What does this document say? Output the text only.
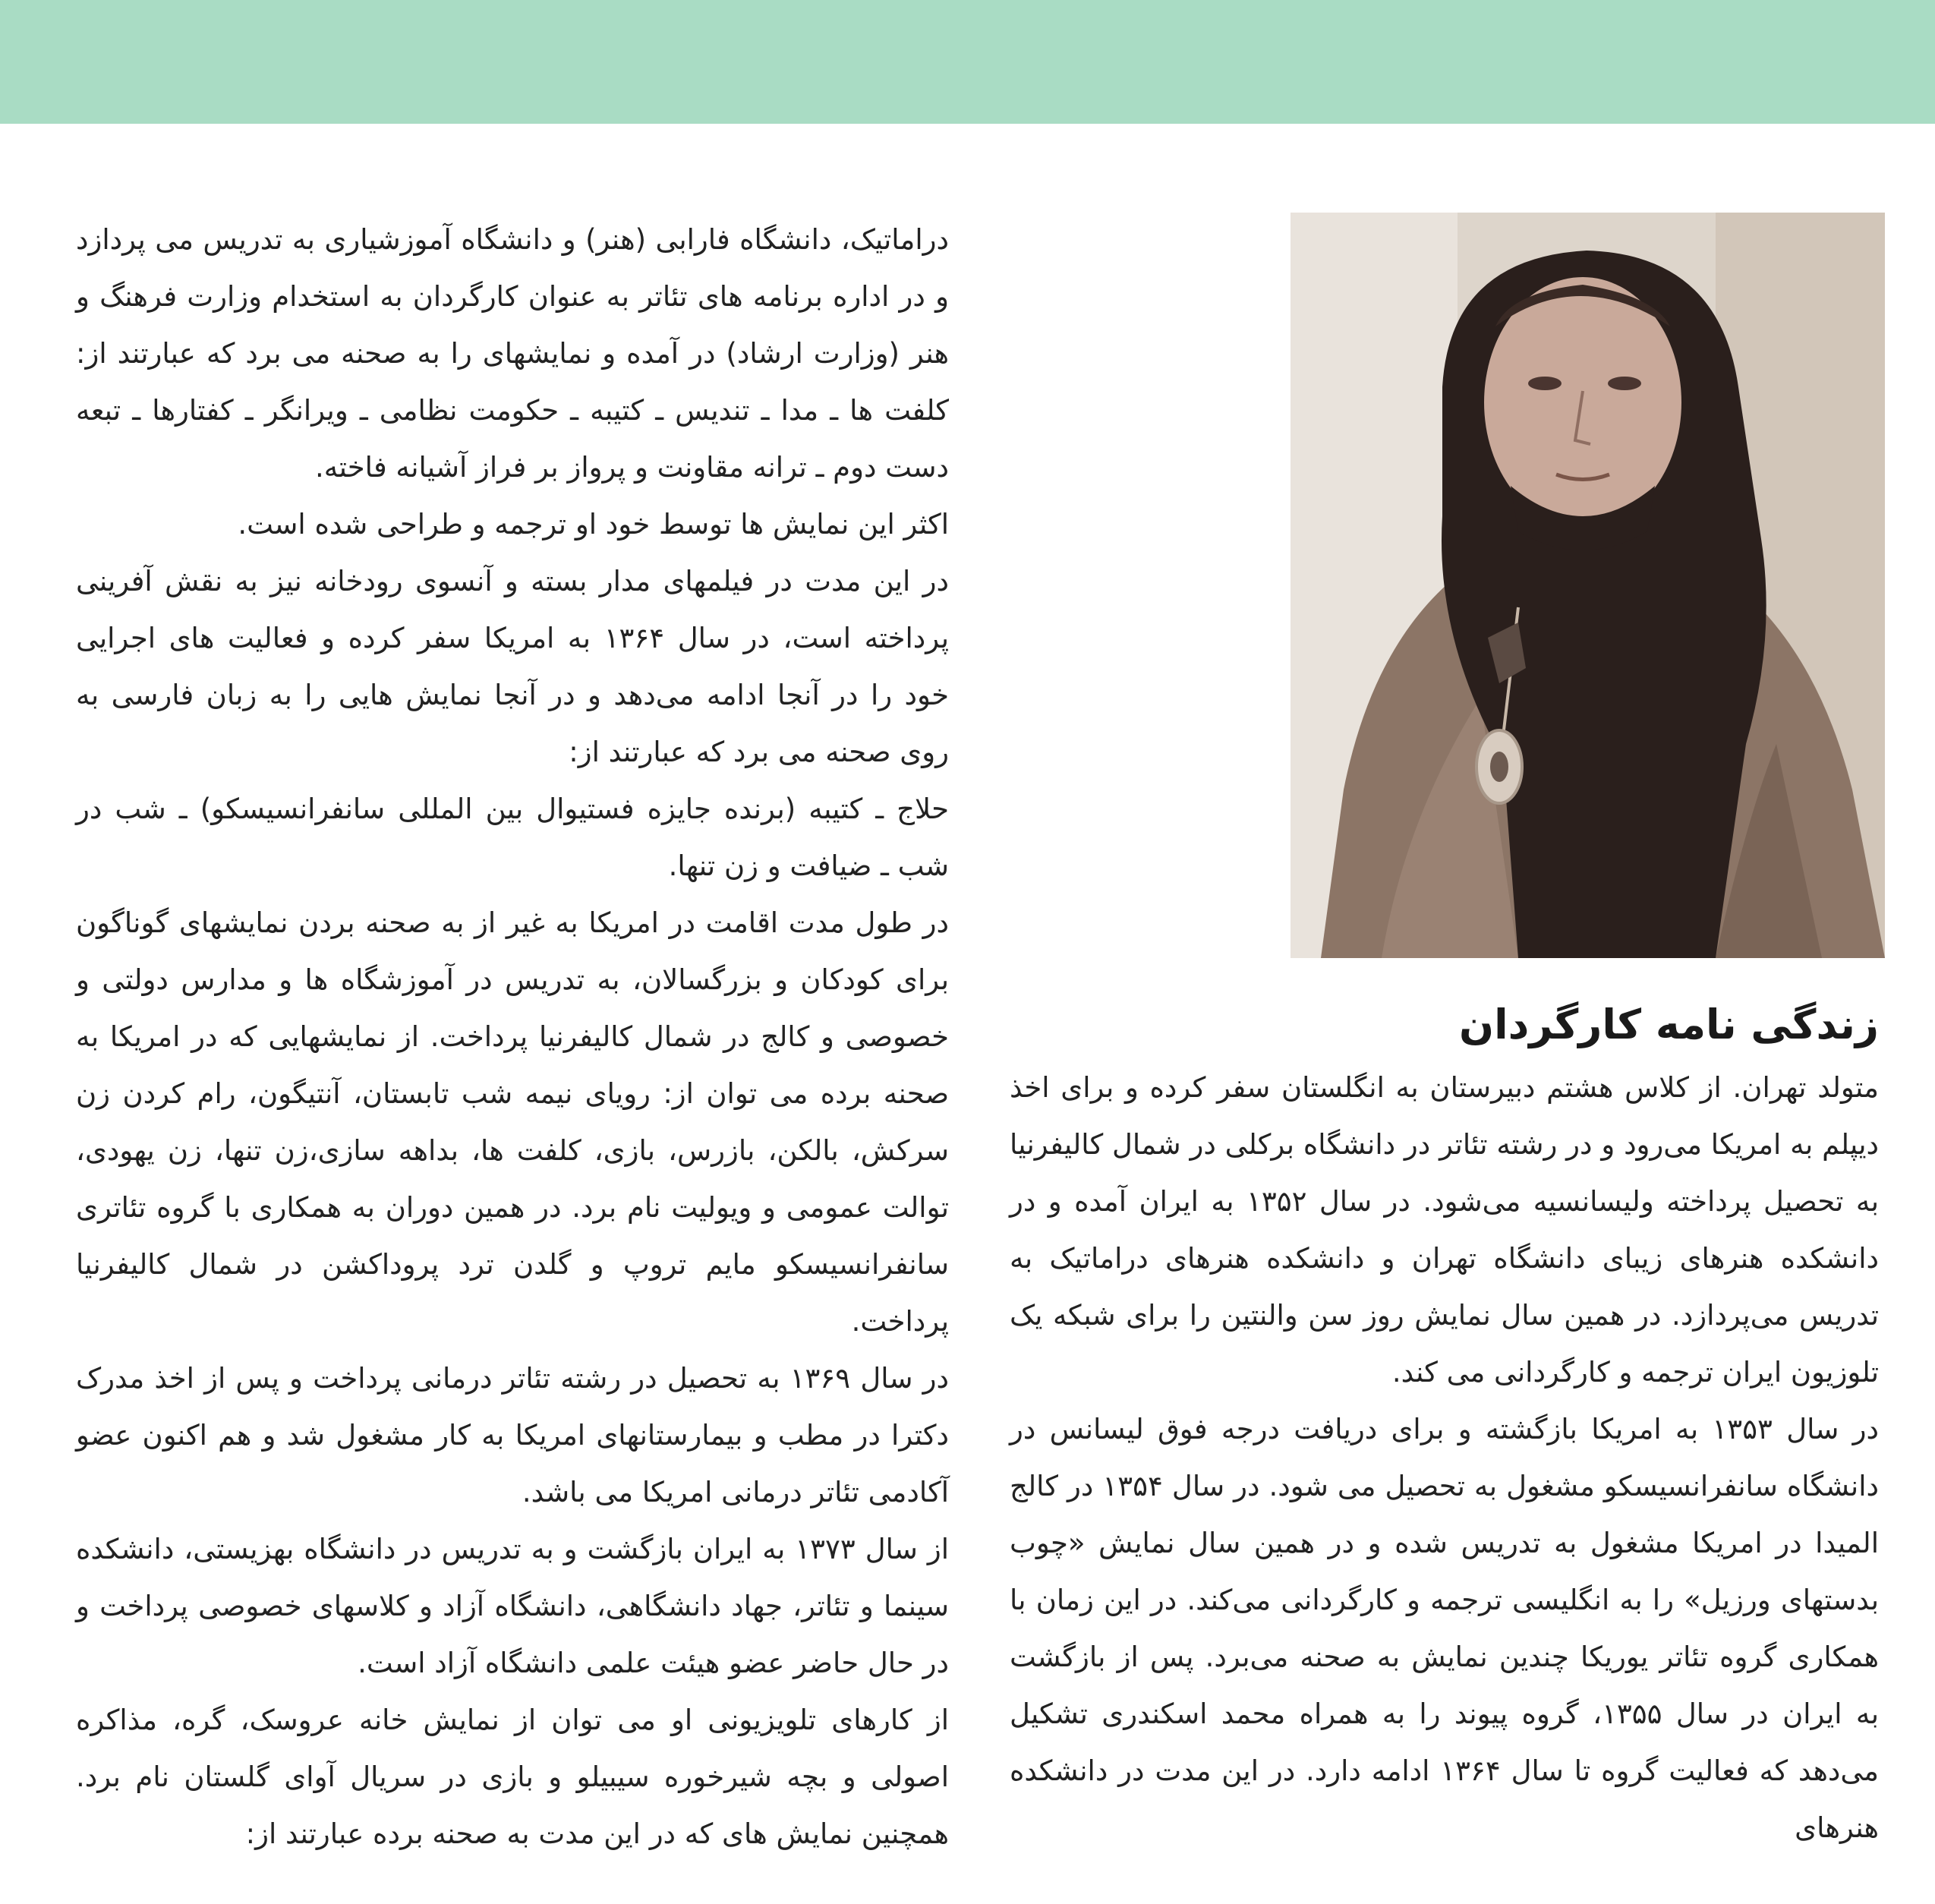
زندگی نامه کارگردان

دراماتیک، دانشگاه فارابی (هنر) و دانشگاه آموزشیاری به تدریس می پردازد و در اداره برنامه های تئاتر به عنوان کارگردان به استخدام وزارت فرهنگ و هنر (وزارت ارشاد) در آمده و نمایشهای را به صحنه می برد که عبارتند از: کلفت ها ـ مدا ـ تندیس ـ کتیبه ـ حکومت نظامی ـ ویرانگر ـ کفتارها ـ تبعه دست دوم ـ ترانه مقاونت و پرواز بر فراز آشیانه فاخته.

اکثر این نمایش ها توسط خود او ترجمه و طراحی شده است.

در این مدت در فیلمهای مدار بسته و آنسوی رودخانه نیز به نقش آفرینی پرداخته است، در سال ۱۳۶۴ به امریکا سفر کرده و فعالیت های اجرایی خود را در آنجا ادامه می‌دهد و در آنجا نمایش هایی را به زبان فارسی به روی صحنه می برد که عبارتند از:

حلاج ـ کتیبه (برنده جایزه فستیوال بین المللی سانفرانسیسکو) ـ شب در شب ـ ضیافت و زن تنها.

در طول مدت اقامت در امریکا به غیر از به صحنه بردن نمایشهای گوناگون برای کودکان و بزرگسالان، به تدریس در آموزشگاه ها و مدارس دولتی و خصوصی و کالج در شمال کالیفرنیا پرداخت. از نمایشهایی که در امریکا به صحنه برده می توان از: رویای نیمه شب تابستان، آنتیگون، رام کردن زن سرکش، بالکن، بازرس، بازی، کلفت ها، بداهه سازی،زن تنها، زن یهودی، توالت عمومی و ویولیت نام برد. در همین دوران به همکاری با گروه تئاتری سانفرانسیسکو مایم تروپ و گلدن ترد پروداکشن در شمال کالیفرنیا پرداخت.

در سال ۱۳۶۹ به تحصیل در رشته تئاتر درمانی پرداخت و پس از اخذ مدرک دکترا در مطب و بیمارستانهای امریکا به کار مشغول شد و هم اکنون عضو آکادمی تئاتر درمانی امریکا می باشد.

از سال ۱۳۷۳ به ایران بازگشت و به تدریس در دانشگاه بهزیستی، دانشکده سینما و تئاتر، جهاد دانشگاهی، دانشگاه آزاد و کلاسهای خصوصی پرداخت و در حال حاضر عضو هیئت علمی دانشگاه آزاد است.

از کارهای تلویزیونی او می توان از نمایش خانه عروسک، گره، مذاکره اصولی و بچه شیرخوره سیبیلو و بازی در سریال آوای گلستان نام برد. همچنین نمایش های که در این مدت به صحنه برده عبارتند از:

متولد تهران. از کلاس هشتم دبیرستان به انگلستان سفر کرده و برای اخذ دیپلم به امریکا می‌رود و در رشته تئاتر در دانشگاه برکلی در شمال کالیفرنیا به تحصیل پرداخته ولیسانسیه می‌شود. در سال ۱۳۵۲ به ایران آمده و در دانشکده هنرهای زیبای دانشگاه تهران و دانشکده هنرهای دراماتیک به تدریس می‌پردازد. در همین سال نمایش روز سن والنتین را برای شبکه یک تلوزیون ایران ترجمه و کارگردانی می کند.

در سال ۱۳۵۳ به امریکا بازگشته و برای دریافت درجه فوق لیسانس در دانشگاه سانفرانسیسکو مشغول به تحصیل می شود. در سال ۱۳۵۴ در کالج المیدا در امریکا مشغول به تدریس شده و در همین سال نمایش «چوب بدستهای ورزیل» را به انگلیسی ترجمه و کارگردانی می‌کند. در این زمان با همکاری گروه تئاتر یوریکا چندین نمایش به صحنه می‌برد. پس از بازگشت به ایران در سال ۱۳۵۵، گروه پیوند را به همراه محمد اسکندری تشکیل می‌دهد که فعالیت گروه تا سال ۱۳۶۴ ادامه دارد. در این مدت در دانشکده هنرهای
